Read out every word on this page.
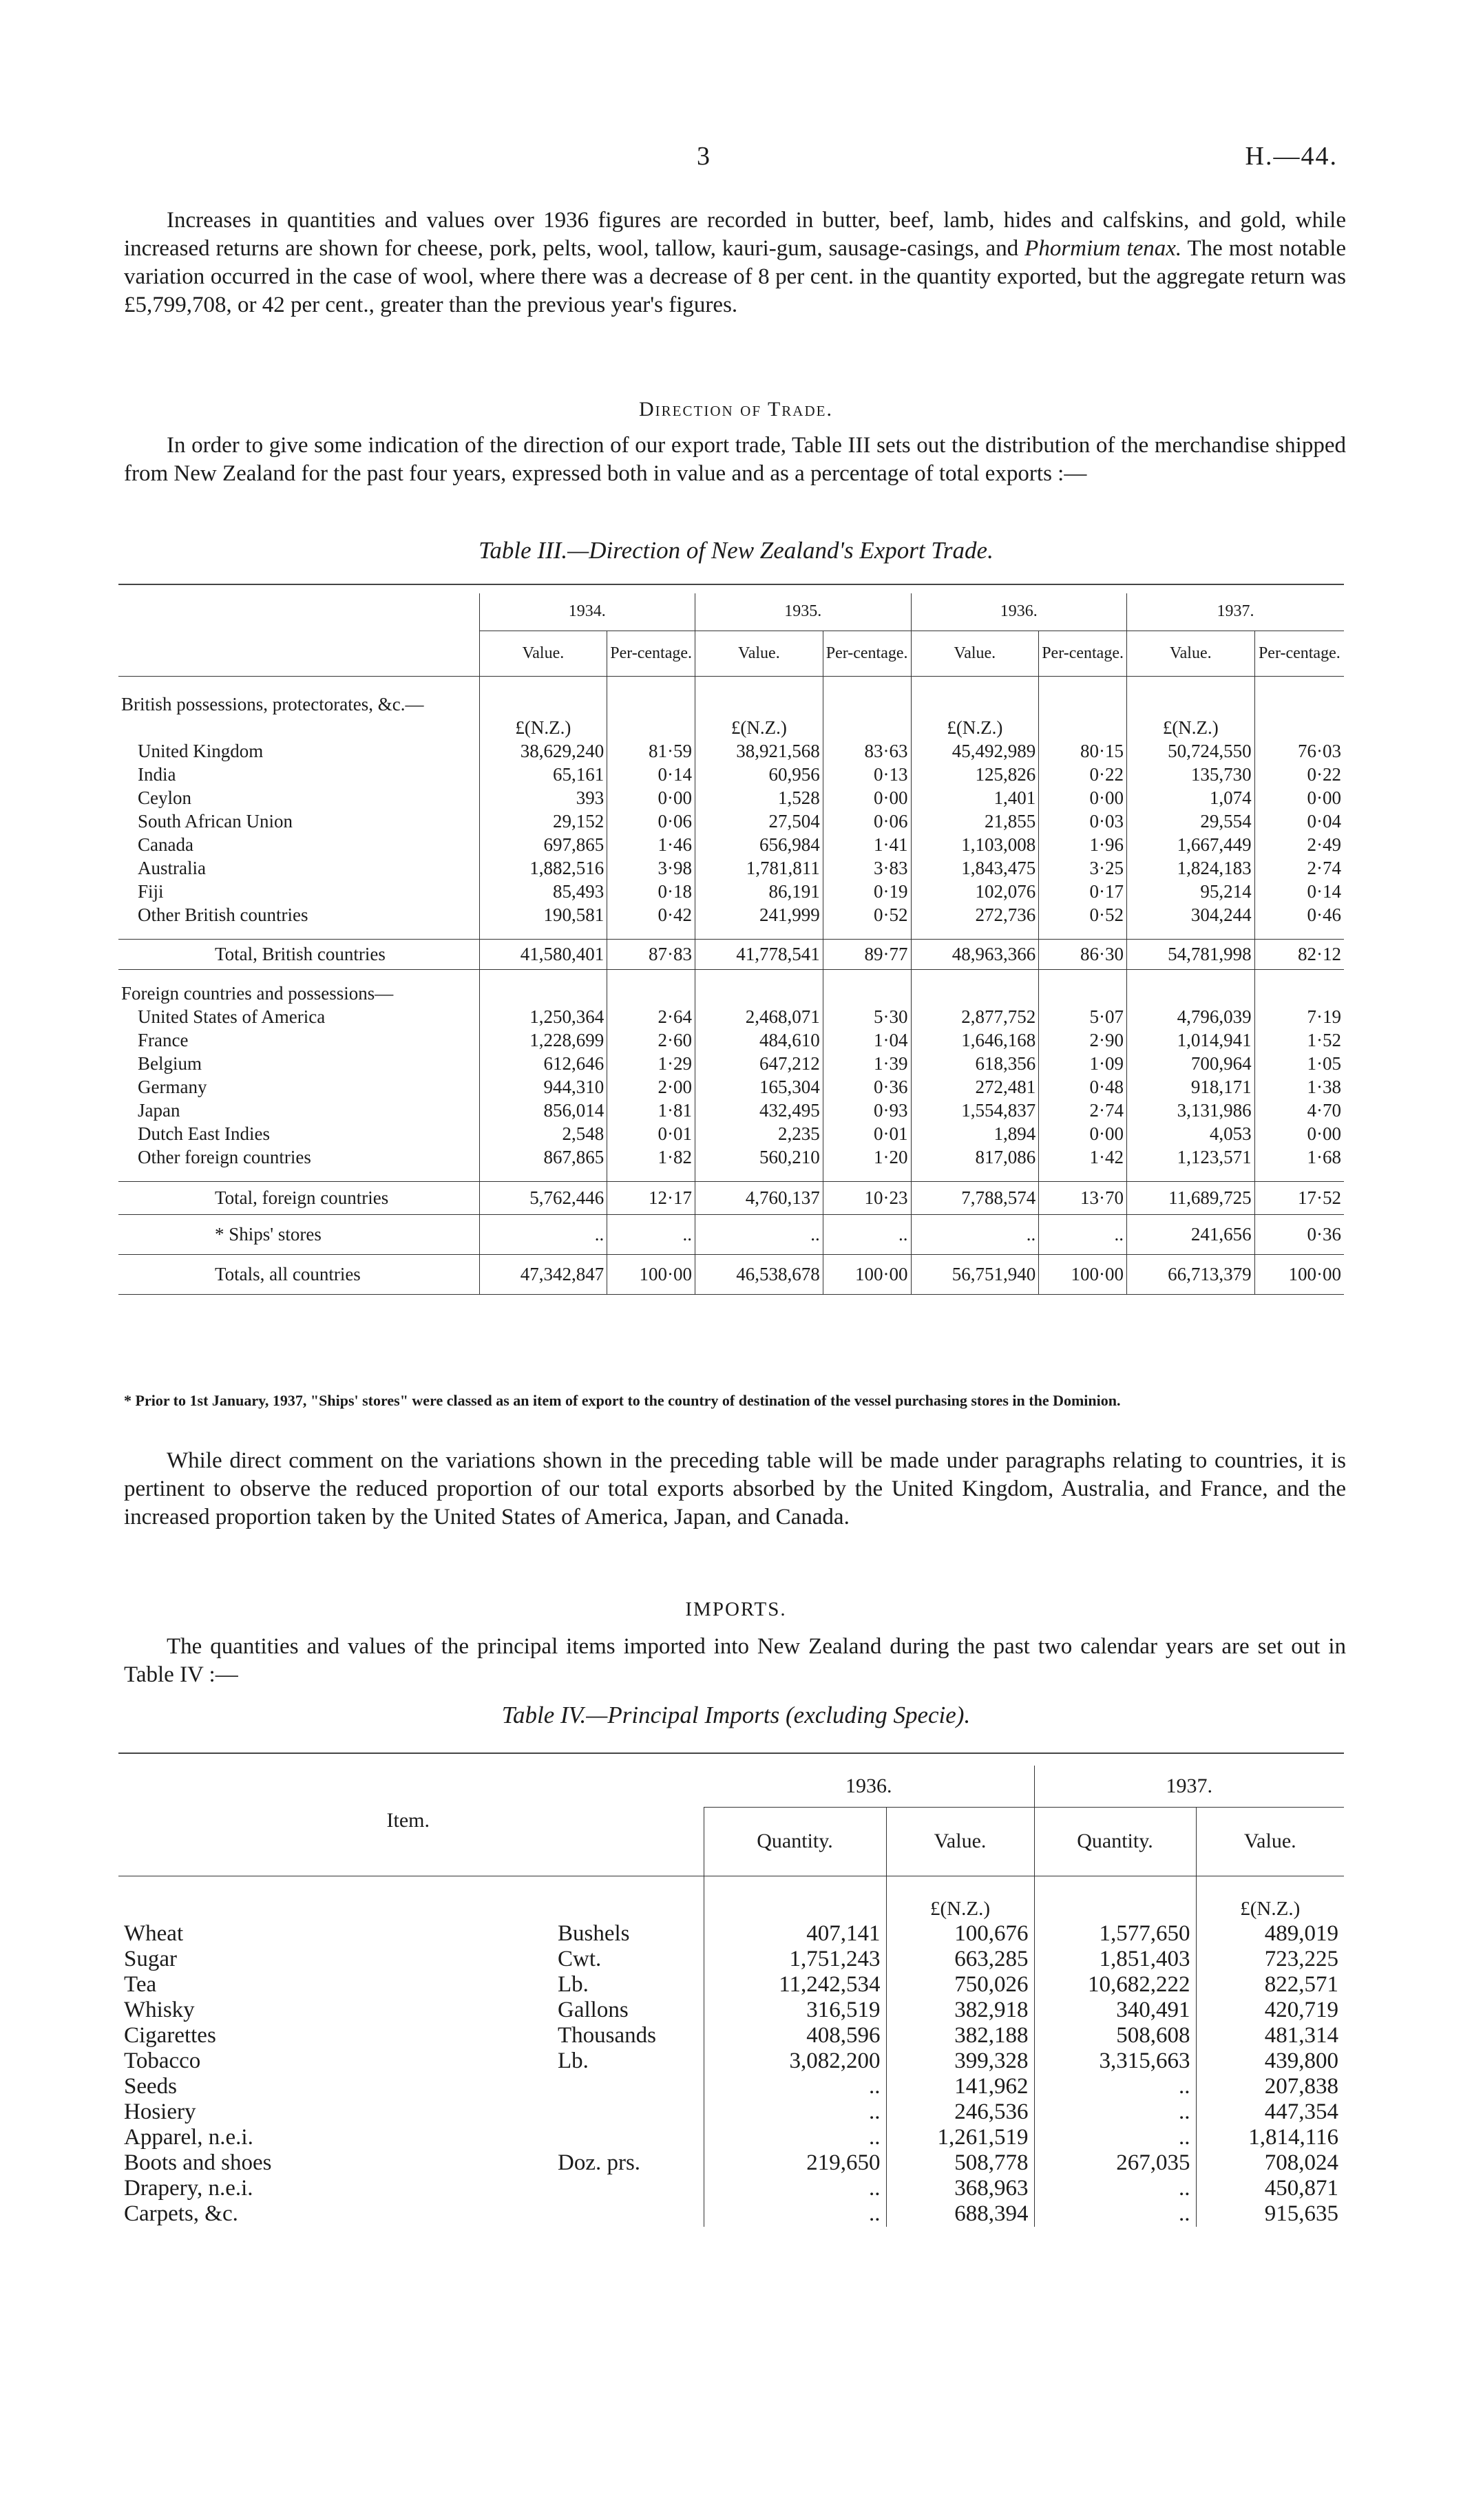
3	H.—44.

Increases in quantities and values over 1936 figures are recorded in butter, beef, lamb, hides and calfskins, and gold, while increased returns are shown for cheese, pork, pelts, wool, tallow, kauri-gum, sausage-casings, and Phormium tenax. The most notable variation occurred in the case of wool, where there was a decrease of 8 per cent. in the quantity exported, but the aggregate return was £5,799,708, or 42 per cent., greater than the previous year's figures.

Direction of Trade.

In order to give some indication of the direction of our export trade, Table III sets out the distribution of the merchandise shipped from New Zealand for the past four years, expressed both in value and as a percentage of total exports :—

Table III.—Direction of New Zealand's Export Trade.
	1934.		1935.		1936.		1937.	
	Value.	Per-centage.	Value.	Per-centage.	Value.	Per-centage.	Value.	Per-centage.

British possessions, protectorates, &c.—								
	£(N.Z.)		£(N.Z.)		£(N.Z.)		£(N.Z.)	
United Kingdom	38,629,240	81·59	38,921,568	83·63	45,492,989	80·15	50,724,550	76·03
India	65,161	0·14	60,956	0·13	125,826	0·22	135,730	0·22
Ceylon	393	0·00	1,528	0·00	1,401	0·00	1,074	0·00
South African Union	29,152	0·06	27,504	0·06	21,855	0·03	29,554	0·04
Canada	697,865	1·46	656,984	1·41	1,103,008	1·96	1,667,449	2·49
Australia	1,882,516	3·98	1,781,811	3·83	1,843,475	3·25	1,824,183	2·74
Fiji	85,493	0·18	86,191	0·19	102,076	0·17	95,214	0·14
Other British countries	190,581	0·42	241,999	0·52	272,736	0·52	304,244	0·46

Total, British countries	41,580,401	87·83	41,778,541	89·77	48,963,366	86·30	54,781,998	82·12

Foreign countries and possessions—								
United States of America	1,250,364	2·64	2,468,071	5·30	2,877,752	5·07	4,796,039	7·19
France	1,228,699	2·60	484,610	1·04	1,646,168	2·90	1,014,941	1·52
Belgium	612,646	1·29	647,212	1·39	618,356	1·09	700,964	1·05
Germany	944,310	2·00	165,304	0·36	272,481	0·48	918,171	1·38
Japan	856,014	1·81	432,495	0·93	1,554,837	2·74	3,131,986	4·70
Dutch East Indies	2,548	0·01	2,235	0·01	1,894	0·00	4,053	0·00
Other foreign countries	867,865	1·82	560,210	1·20	817,086	1·42	1,123,571	1·68

Total, foreign countries	5,762,446	12·17	4,760,137	10·23	7,788,574	13·70	11,689,725	17·52
* Ships' stores	..	..	..	..	..	..	241,656	0·36
Totals, all countries	47,342,847	100·00	46,538,678	100·00	56,751,940	100·00	66,713,379	100·00
* Prior to 1st January, 1937, "Ships' stores" were classed as an item of export to the country of destination of the vessel purchasing stores in the Dominion.

While direct comment on the variations shown in the preceding table will be made under paragraphs relating to countries, it is pertinent to observe the reduced proportion of our total exports absorbed by the United Kingdom, Australia, and France, and the increased proportion taken by the United States of America, Japan, and Canada.

IMPORTS.

The quantities and values of the principal items imported into New Zealand during the past two calendar years are set out in Table IV :—

Table IV.—Principal Imports (excluding Specie).
Item.		1936.		1937.	
		Quantity.	Value.	Quantity.	Value.

			£(N.Z.)		£(N.Z.)
Wheat	Bushels	407,141	100,676	1,577,650	489,019
Sugar	Cwt.	1,751,243	663,285	1,851,403	723,225
Tea	Lb.	11,242,534	750,026	10,682,222	822,571
Whisky	Gallons	316,519	382,918	340,491	420,719
Cigarettes	Thousands	408,596	382,188	508,608	481,314
Tobacco	Lb.	3,082,200	399,328	3,315,663	439,800
Seeds		..	141,962	..	207,838
Hosiery		..	246,536	..	447,354
Apparel, n.e.i.		..	1,261,519	..	1,814,116
Boots and shoes	Doz. prs.	219,650	508,778	267,035	708,024
Drapery, n.e.i.		..	368,963	..	450,871
Carpets, &c.		..	688,394	..	915,635
